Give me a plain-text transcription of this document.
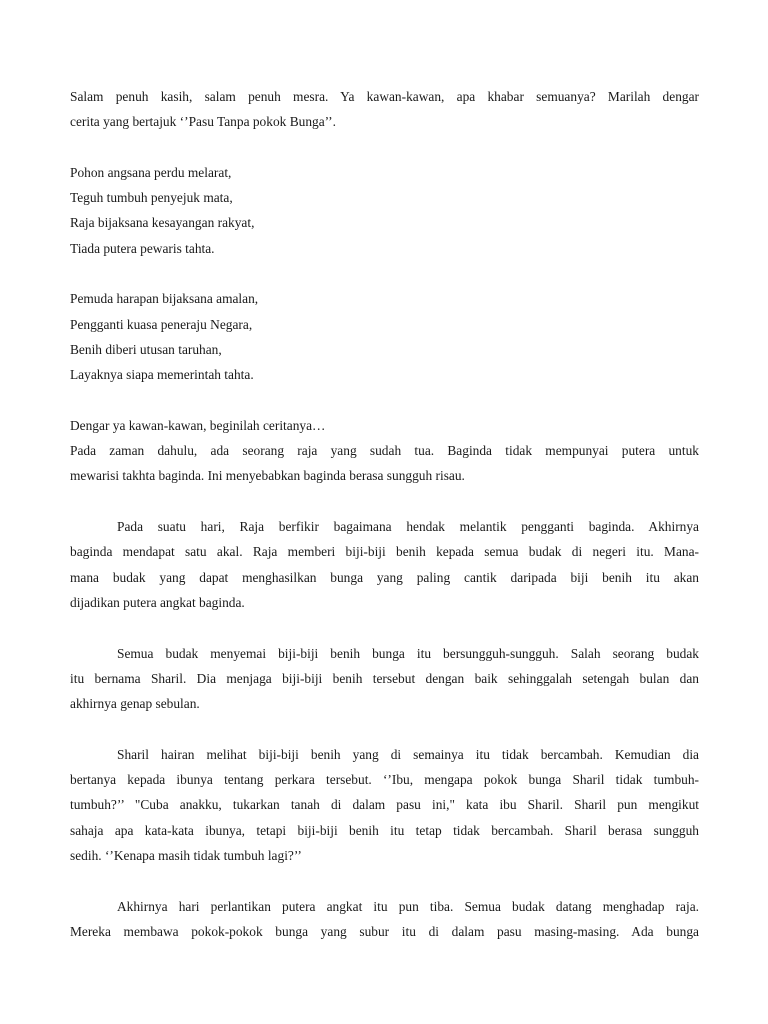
Salam penuh kasih, salam penuh mesra. Ya kawan-kawan, apa khabar semuanya? Marilah dengar
cerita yang bertajuk ‘’Pasu Tanpa pokok Bunga’’.
Pohon angsana perdu melarat,
Teguh tumbuh penyejuk mata,
Raja bijaksana kesayangan rakyat,
Tiada putera pewaris tahta.
Pemuda harapan bijaksana amalan,
Pengganti kuasa peneraju Negara,
Benih diberi utusan taruhan,
Layaknya siapa memerintah tahta.
Dengar ya kawan-kawan, beginilah ceritanya…
Pada zaman dahulu, ada seorang raja yang sudah tua. Baginda tidak mempunyai putera untuk
mewarisi takhta baginda. Ini menyebabkan baginda berasa sungguh risau.
Pada suatu hari, Raja berfikir bagaimana hendak melantik pengganti baginda. Akhirnya
baginda mendapat satu akal. Raja memberi biji-biji benih kepada semua budak di negeri itu. Mana-
mana budak yang dapat menghasilkan bunga yang paling cantik daripada biji benih itu akan
dijadikan putera angkat baginda.
Semua budak menyemai biji-biji benih bunga itu bersungguh-sungguh. Salah seorang budak
itu bernama Sharil. Dia menjaga biji-biji benih tersebut dengan baik sehinggalah setengah bulan dan
akhirnya genap sebulan.
Sharil hairan melihat biji-biji benih yang di semainya itu tidak bercambah. Kemudian dia
bertanya kepada ibunya tentang perkara tersebut. ‘’Ibu, mengapa pokok bunga Sharil tidak tumbuh-
tumbuh?’’ "Cuba anakku, tukarkan tanah di dalam pasu ini," kata ibu Sharil. Sharil pun mengikut
sahaja apa kata-kata ibunya, tetapi biji-biji benih itu tetap tidak bercambah. Sharil berasa sungguh
sedih. ‘’Kenapa masih tidak tumbuh lagi?’’
Akhirnya hari perlantikan putera angkat itu pun tiba. Semua budak datang menghadap raja.
Mereka membawa pokok-pokok bunga yang subur itu di dalam pasu masing-masing. Ada bunga
